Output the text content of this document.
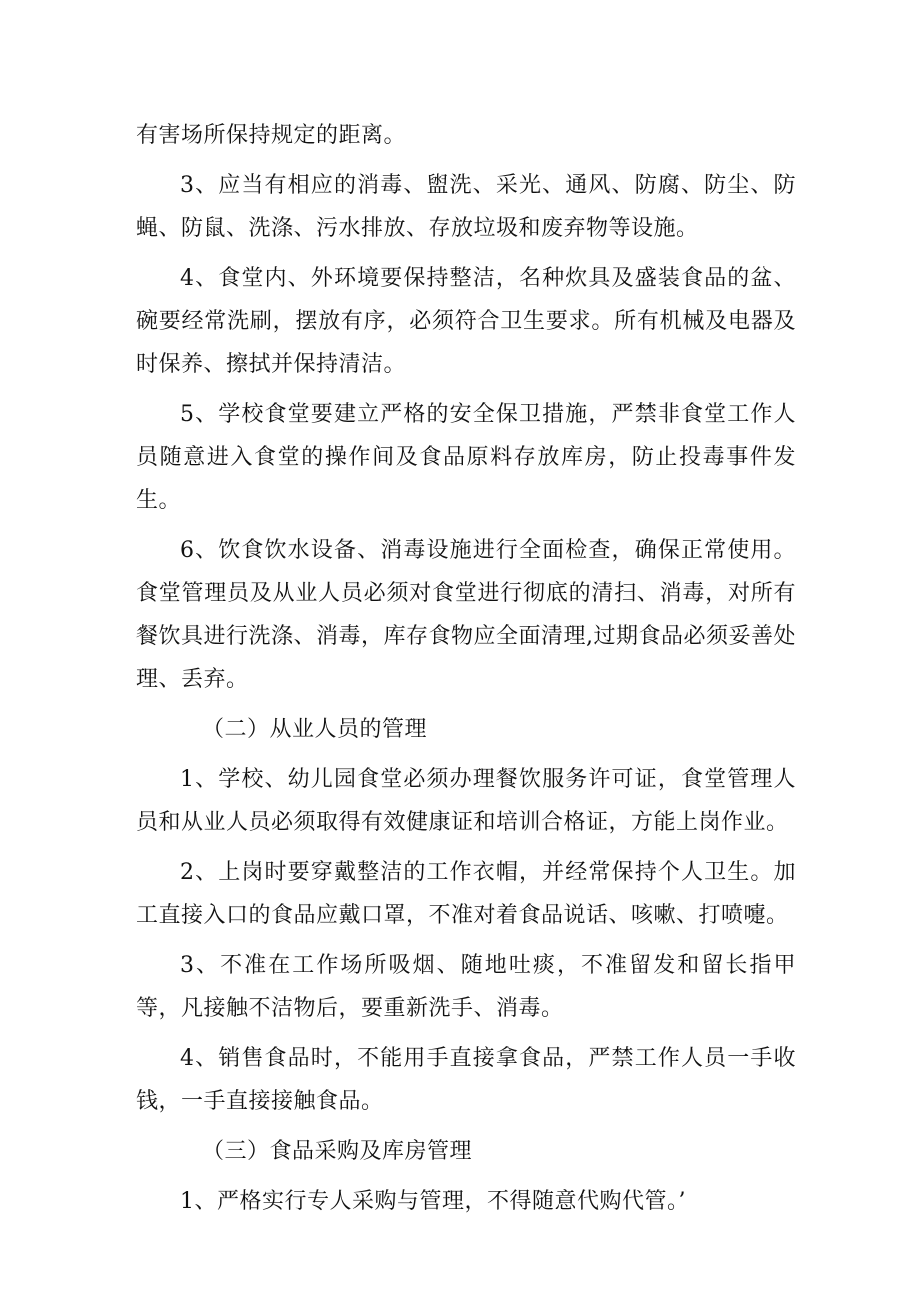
有害场所保持规定的距离。

3、应当有相应的消毒、盥洗、采光、通风、防腐、防尘、防蝇、防鼠、洗涤、污水排放、存放垃圾和废弃物等设施。

4、食堂内、外环境要保持整洁，名种炊具及盛装食品的盆、碗要经常洗刷，摆放有序，必须符合卫生要求。所有机械及电器及时保养、擦拭并保持清洁。

5、学校食堂要建立严格的安全保卫措施，严禁非食堂工作人员随意进入食堂的操作间及食品原料存放库房，防止投毒事件发生。

6、饮食饮水设备、消毒设施进行全面检查，确保正常使用。食堂管理员及从业人员必须对食堂进行彻底的清扫、消毒，对所有餐饮具进行洗涤、消毒，库存食物应全面清理,过期食品必须妥善处理、丢弃。

（二）从业人员的管理

1、学校、幼儿园食堂必须办理餐饮服务许可证，食堂管理人员和从业人员必须取得有效健康证和培训合格证，方能上岗作业。

2、上岗时要穿戴整洁的工作衣帽，并经常保持个人卫生。加工直接入口的食品应戴口罩，不准对着食品说话、咳嗽、打喷嚏。

3、不准在工作场所吸烟、随地吐痰，不准留发和留长指甲等，凡接触不洁物后，要重新洗手、消毒。

4、销售食品时，不能用手直接拿食品，严禁工作人员一手收钱，一手直接接触食品。

（三）食品采购及库房管理

1、严格实行专人采购与管理，不得随意代购代管。’
